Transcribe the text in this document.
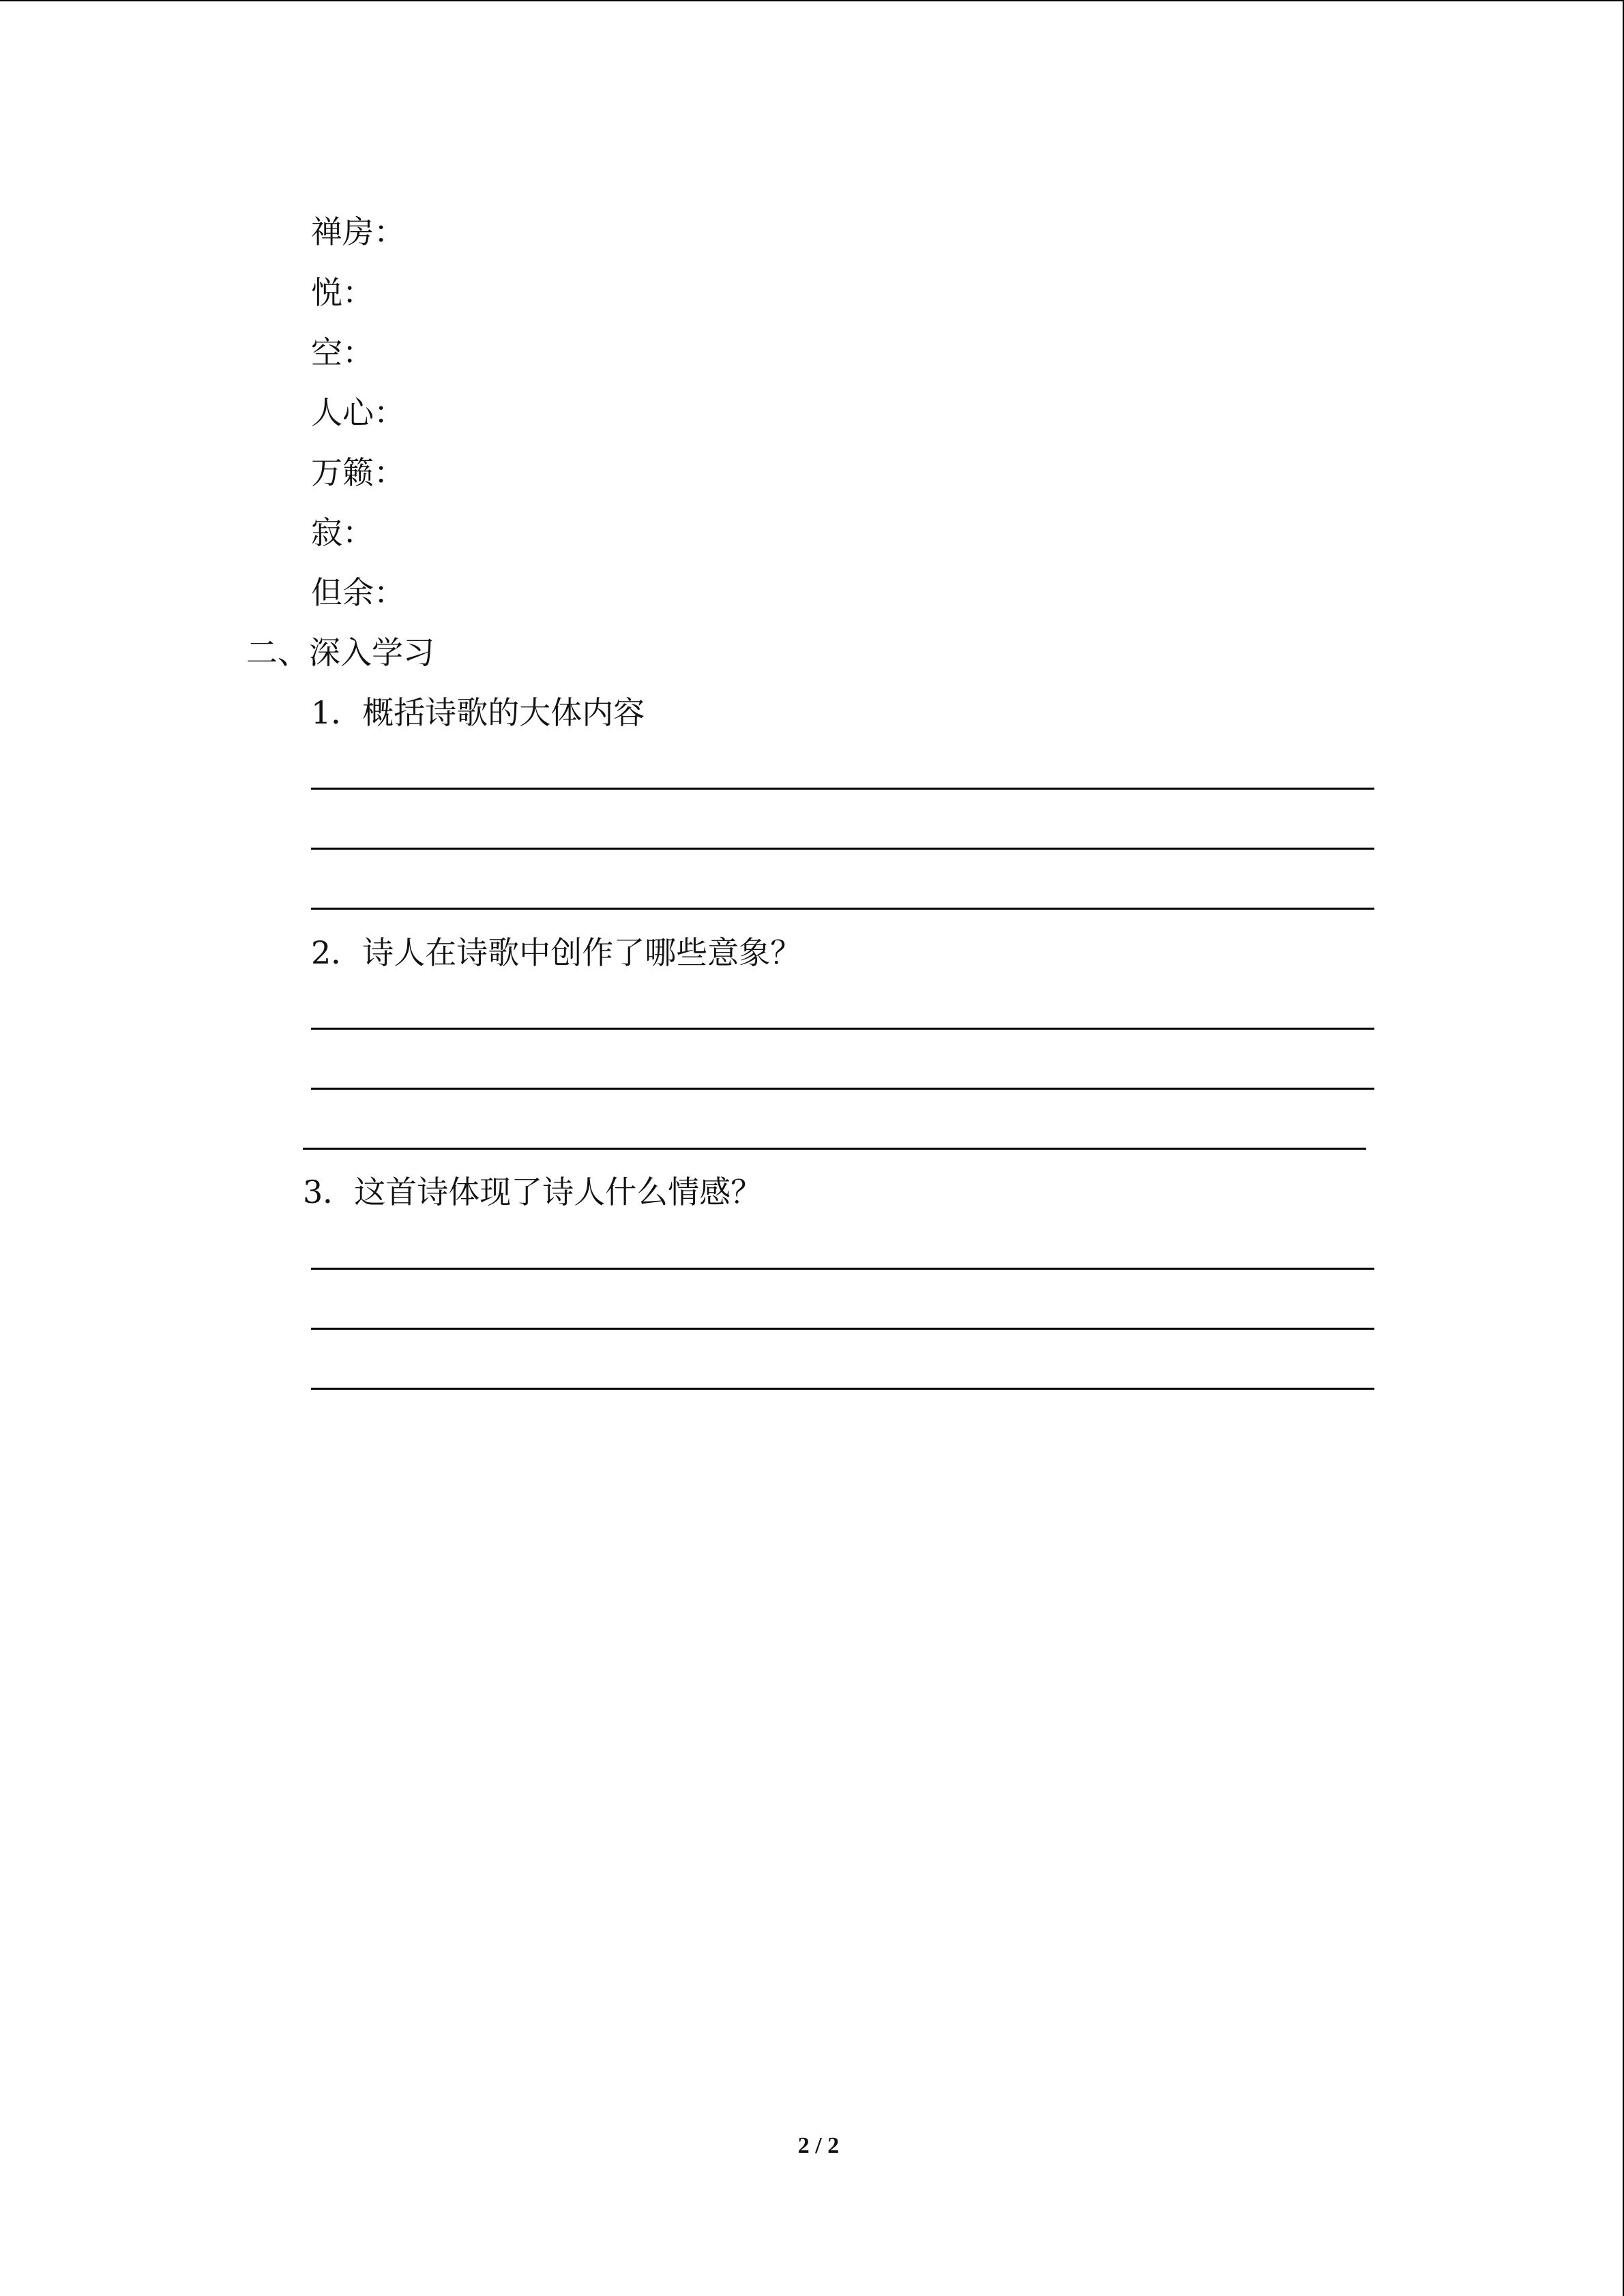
禅房：
悦：
空：
人心：
万籁：
寂：
但余：
二、深入学习
1．概括诗歌的大体内容
2．诗人在诗歌中创作了哪些意象？
3．这首诗体现了诗人什么情感？
2 / 2
